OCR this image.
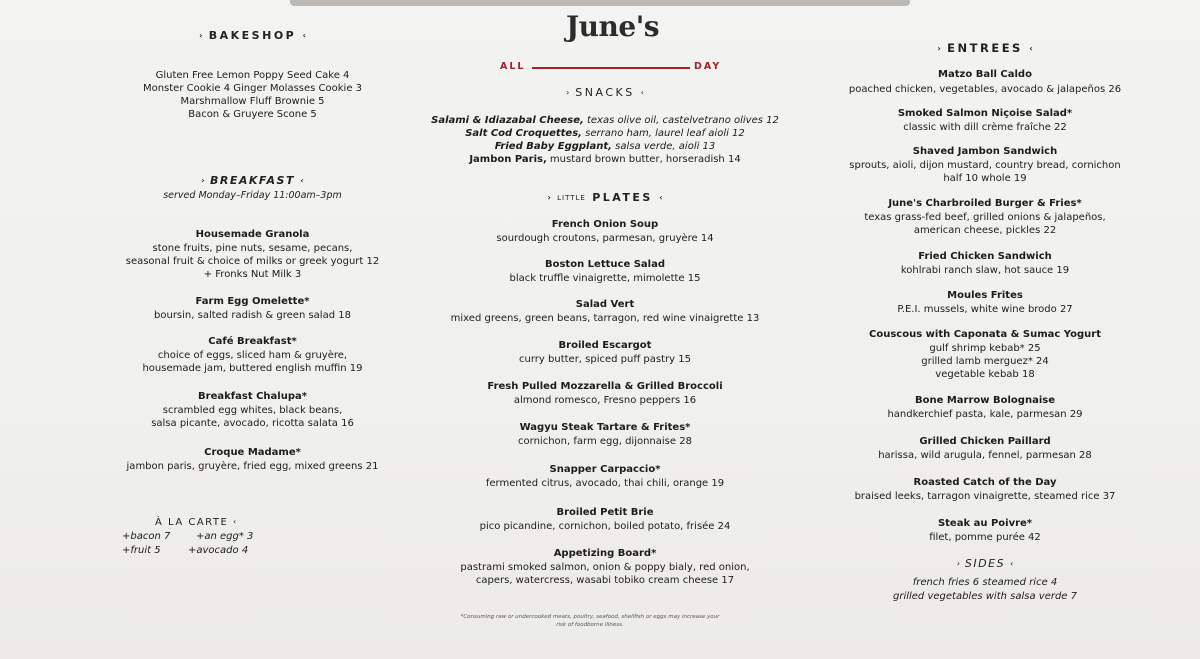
June's
ALL	DAY
› BAKESHOP ‹
Gluten Free Lemon Poppy Seed Cake 4
Monster Cookie 4 Ginger Molasses Cookie 3
Marshmallow Fluff Brownie 5
Bacon & Gruyere Scone 5
› BREAKFAST ‹
served Monday–Friday 11:00am–3pm
Housemade Granola
stone fruits, pine nuts, sesame, pecans,
seasonal fruit & choice of milks or greek yogurt 12
+ Fronks Nut Milk 3
Farm Egg Omelette*
boursin, salted radish & green salad 18
Café Breakfast*
choice of eggs, sliced ham & gruyère,
housemade jam, buttered english muffin 19
Breakfast Chalupa*
scrambled egg whites, black beans,
salsa picante, avocado, ricotta salata 16
Croque Madame*
jambon paris, gruyère, fried egg, mixed greens 21
À LA CARTE ‹
+bacon 7	+an egg* 3
+fruit 5	+avocado 4
› SNACKS ‹
Salami & Idiazabal Cheese, texas olive oil, castelvetrano olives 12
Salt Cod Croquettes, serrano ham, laurel leaf aioli 12
Fried Baby Eggplant, salsa verde, aioli 13
Jambon Paris, mustard brown butter, horseradish 14
› LITTLE PLATES ‹
French Onion Soup
sourdough croutons, parmesan, gruyère 14
Boston Lettuce Salad
black truffle vinaigrette, mimolette 15
Salad Vert
mixed greens, green beans, tarragon, red wine vinaigrette 13
Broiled Escargot
curry butter, spiced puff pastry 15
Fresh Pulled Mozzarella & Grilled Broccoli
almond romesco, Fresno peppers 16
Wagyu Steak Tartare & Frites*
cornichon, farm egg, dijonnaise 28
Snapper Carpaccio*
fermented citrus, avocado, thai chili, orange 19
Broiled Petit Brie
pico picandine, cornichon, boiled potato, frisée 24
Appetizing Board*
pastrami smoked salmon, onion & poppy bialy, red onion,
capers, watercress, wasabi tobiko cream cheese 17
*Consuming raw or undercooked meats, poultry, seafood, shellfish or eggs may increase your risk of foodborne illness.
› ENTREES ‹
Matzo Ball Caldo
poached chicken, vegetables, avocado & jalapeños 26
Smoked Salmon Niçoise Salad*
classic with dill crème fraîche 22
Shaved Jambon Sandwich
sprouts, aioli, dijon mustard, country bread, cornichon
half 10 whole 19
June's Charbroiled Burger & Fries*
texas grass-fed beef, grilled onions & jalapeños,
american cheese, pickles 22
Fried Chicken Sandwich
kohlrabi ranch slaw, hot sauce 19
Moules Frites
P.E.I. mussels, white wine brodo 27
Couscous with Caponata & Sumac Yogurt
gulf shrimp kebab* 25
grilled lamb merguez* 24
vegetable kebab 18
Bone Marrow Bolognaise
handkerchief pasta, kale, parmesan 29
Grilled Chicken Paillard
harissa, wild arugula, fennel, parmesan 28
Roasted Catch of the Day
braised leeks, tarragon vinaigrette, steamed rice 37
Steak au Poivre*
filet, pomme purée 42
› SIDES ‹
french fries 6 steamed rice 4
grilled vegetables with salsa verde 7
